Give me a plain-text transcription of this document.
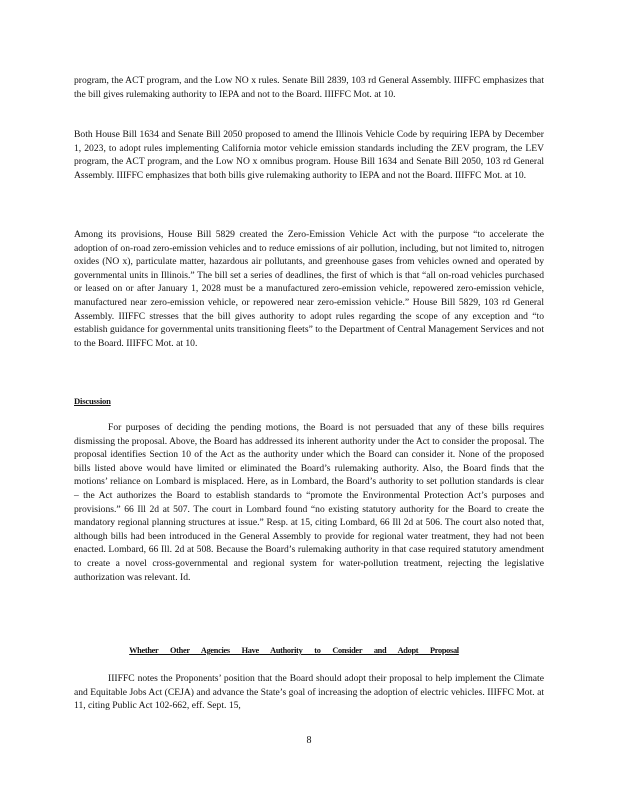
program, the ACT program, and the Low NO x rules. Senate Bill 2839, 103 rd General Assembly. IIIFFC emphasizes that the bill gives rulemaking authority to IEPA and not to the Board. IIIFFC Mot. at 10.

Both House Bill 1634 and Senate Bill 2050 proposed to amend the Illinois Vehicle Code by requiring IEPA by December 1, 2023, to adopt rules implementing California motor vehicle emission standards including the ZEV program, the LEV program, the ACT program, and the Low NO x omnibus program. House Bill 1634 and Senate Bill 2050, 103 rd General Assembly. IIIFFC emphasizes that both bills give rulemaking authority to IEPA and not the Board. IIIFFC Mot. at 10.

Among its provisions, House Bill 5829 created the Zero-Emission Vehicle Act with the purpose “to accelerate the adoption of on-road zero-emission vehicles and to reduce emissions of air pollution, including, but not limited to, nitrogen oxides (NO x), particulate matter, hazardous air pollutants, and greenhouse gases from vehicles owned and operated by governmental units in Illinois.” The bill set a series of deadlines, the first of which is that “all on-road vehicles purchased or leased on or after January 1, 2028 must be a manufactured zero-emission vehicle, repowered zero-emission vehicle, manufactured near zero-emission vehicle, or repowered near zero-emission vehicle.” House Bill 5829, 103 rd General Assembly. IIIFFC stresses that the bill gives authority to adopt rules regarding the scope of any exception and “to establish guidance for governmental units transitioning fleets” to the Department of Central Management Services and not to the Board. IIIFFC Mot. at 10.

Discussion

For purposes of deciding the pending motions, the Board is not persuaded that any of these bills requires dismissing the proposal. Above, the Board has addressed its inherent authority under the Act to consider the proposal. The proposal identifies Section 10 of the Act as the authority under which the Board can consider it. None of the proposed bills listed above would have limited or eliminated the Board’s rulemaking authority. Also, the Board finds that the motions’ reliance on Lombard is misplaced. Here, as in Lombard, the Board’s authority to set pollution standards is clear – the Act authorizes the Board to establish standards to “promote the Environmental Protection Act’s purposes and provisions.” 66 Ill 2d at 507. The court in Lombard found “no existing statutory authority for the Board to create the mandatory regional planning structures at issue.” Resp. at 15, citing Lombard, 66 Ill 2d at 506. The court also noted that, although bills had been introduced in the General Assembly to provide for regional water treatment, they had not been enacted. Lombard, 66 Ill. 2d at 508. Because the Board’s rulemaking authority in that case required statutory amendment to create a novel cross-governmental and regional system for water-pollution treatment, rejecting the legislative authorization was relevant. Id.

Whether Other Agencies Have Authority to Consider and Adopt Proposal

IIIFFC notes the Proponents’ position that the Board should adopt their proposal to help implement the Climate and Equitable Jobs Act (CEJA) and advance the State’s goal of increasing the adoption of electric vehicles. IIIFFC Mot. at 11, citing Public Act 102-662, eff. Sept. 15,

8
